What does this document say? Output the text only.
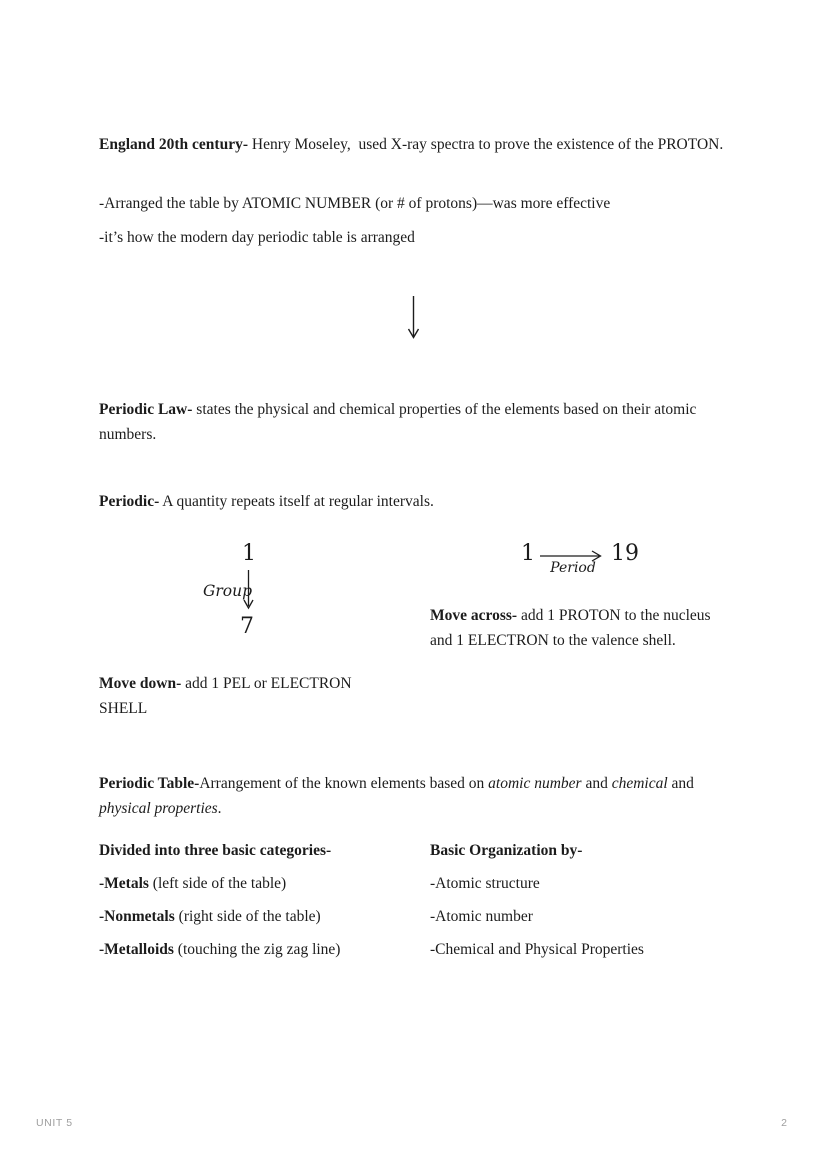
England 20th century- Henry Moseley,  used X-ray spectra to prove the existence of the PROTON.

-Arranged the table by ATOMIC NUMBER (or # of protons)—was more effective

-it’s how the modern day periodic table is arranged

Periodic Law- states the physical and chemical properties of the elements based on their atomic numbers.

Periodic- A quantity repeats itself at regular intervals.

1
Group
7
1
Period
19

Move across- add 1 PROTON to the nucleus and 1 ELECTRON to the valence shell.

Move down- add 1 PEL or ELECTRON SHELL

Periodic Table-Arrangement of the known elements based on atomic number and chemical and physical properties.

Divided into three basic categories-

-Metals (left side of the table)

-Nonmetals (right side of the table)

-Metalloids (touching the zig zag line)

Basic Organization by-

-Atomic structure

-Atomic number

-Chemical and Physical Properties

UNIT 5	2
